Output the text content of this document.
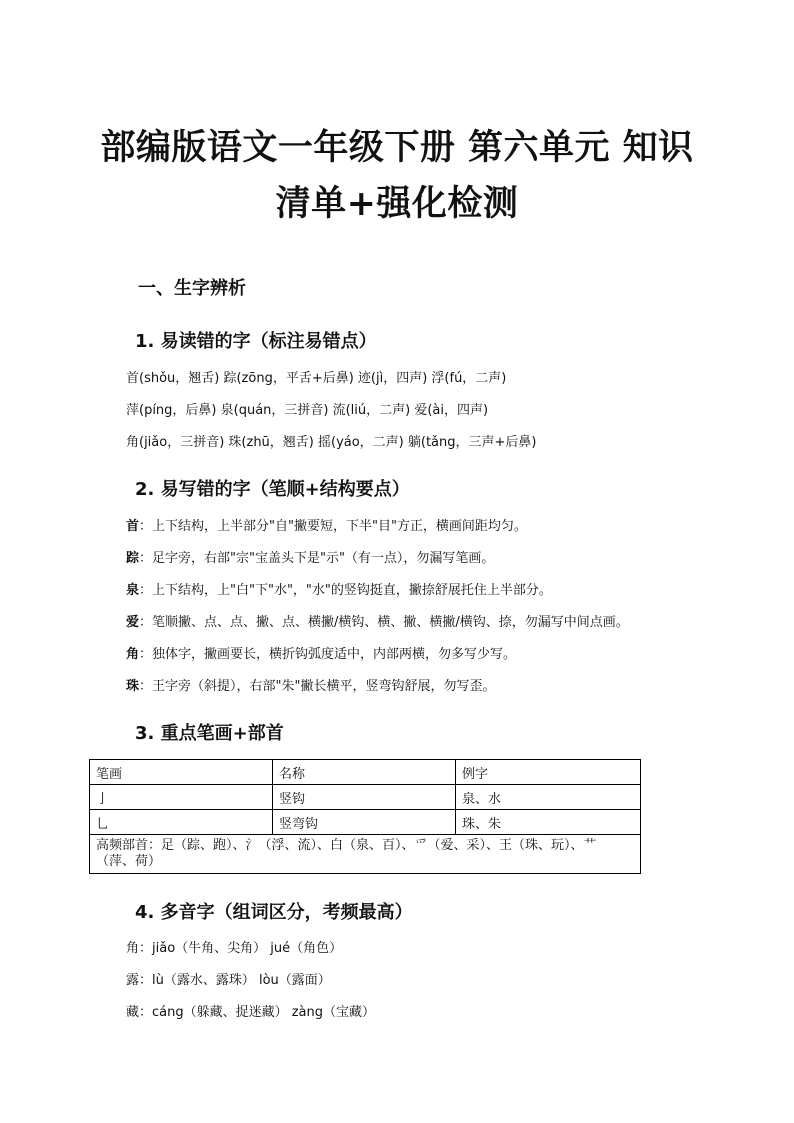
部编版语文一年级下册 第六单元 知识
清单+强化检测
一、生字辨析
1. 易读错的字（标注易错点）
首(shǒu，翘舌) 踪(zōng，平舌+后鼻) 迹(jì，四声) 浮(fú，二声)
萍(píng，后鼻) 泉(quán，三拼音) 流(liú，二声) 爱(ài，四声)
角(jiǎo，三拼音) 珠(zhū，翘舌) 摇(yáo，二声) 躺(tǎng，三声+后鼻)
2. 易写错的字（笔顺+结构要点）
首：上下结构，上半部分"自"撇要短，下半"目"方正，横画间距均匀。
踪：足字旁，右部"宗"宝盖头下是"示"（有一点），勿漏写笔画。
泉：上下结构，上"白"下"水"，"水"的竖钩挺直，撇捺舒展托住上半部分。
爱：笔顺撇、点、点、撇、点、横撇/横钩、横、撇、横撇/横钩、捺，勿漏写中间点画。
角：独体字，撇画要长，横折钩弧度适中，内部两横，勿多写少写。
珠：王字旁（斜提），右部"朱"撇长横平，竖弯钩舒展，勿写歪。
3. 重点笔画+部首
笔画	名称	例字
亅	竖钩	泉、水
乚	竖弯钩	珠、朱
高频部首：足（踪、跑）、氵（浮、流）、白（泉、百）、爫（爱、采）、王（珠、玩）、艹（萍、荷）		
4. 多音字（组词区分，考频最高）
角：jiǎo（牛角、尖角） jué（角色）
露：lù（露水、露珠） lòu（露面）
藏：cáng（躲藏、捉迷藏） zàng（宝藏）
